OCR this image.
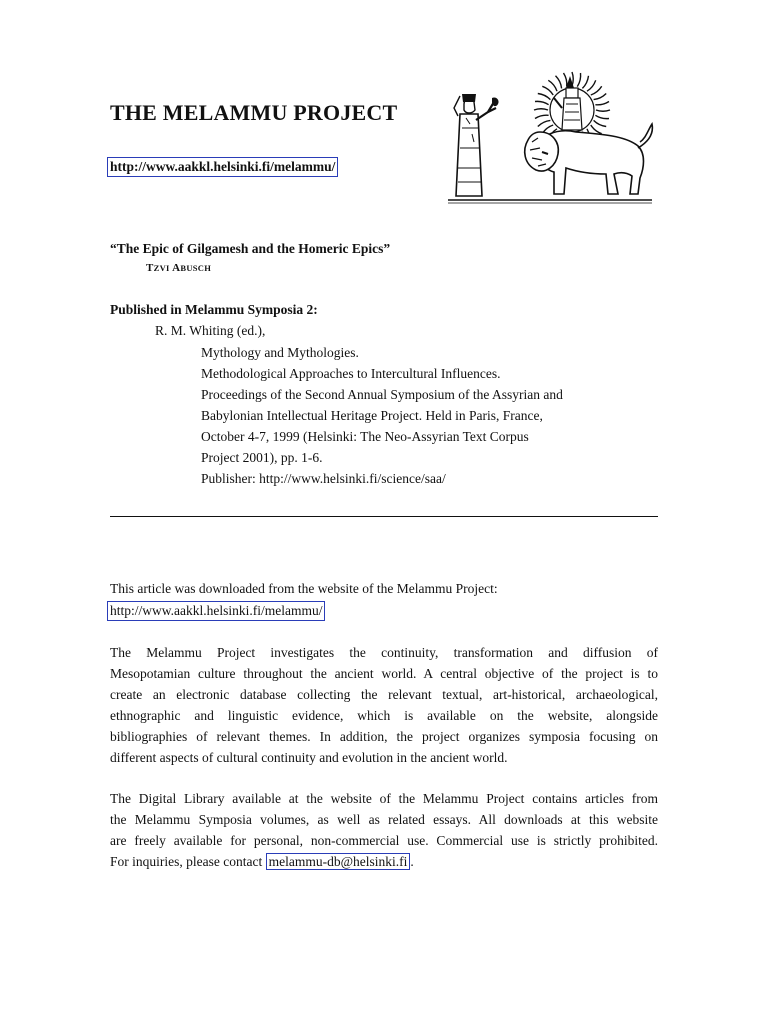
THE MELAMMU PROJECT
http://www.aakkl.helsinki.fi/melammu/
“The Epic of Gilgamesh and the Homeric Epics”
TZVI ABUSCH
Published in Melammu Symposia 2:
R. M. Whiting (ed.),
Mythology and Mythologies.
Methodological Approaches to Intercultural Influences.
Proceedings of the Second Annual Symposium of the Assyrian and
Babylonian Intellectual Heritage Project. Held in Paris, France,
October 4-7, 1999 (Helsinki: The Neo-Assyrian Text Corpus
Project 2001), pp. 1-6.
Publisher: http://www.helsinki.fi/science/saa/
This article was downloaded from the website of the Melammu Project:
http://www.aakkl.helsinki.fi/melammu/
The Melammu Project investigates the continuity, transformation and diffusion of
Mesopotamian culture throughout the ancient world. A central objective of the project is to
create an electronic database collecting the relevant textual, art-historical, archaeological,
ethnographic and linguistic evidence, which is available on the website, alongside
bibliographies of relevant themes. In addition, the project organizes symposia focusing on
different aspects of cultural continuity and evolution in the ancient world.
The Digital Library available at the website of the Melammu Project contains articles from
the Melammu Symposia volumes, as well as related essays. All downloads at this website
are freely available for personal, non-commercial use. Commercial use is strictly prohibited.
For inquiries, please contact melammu-db@helsinki.fi .
